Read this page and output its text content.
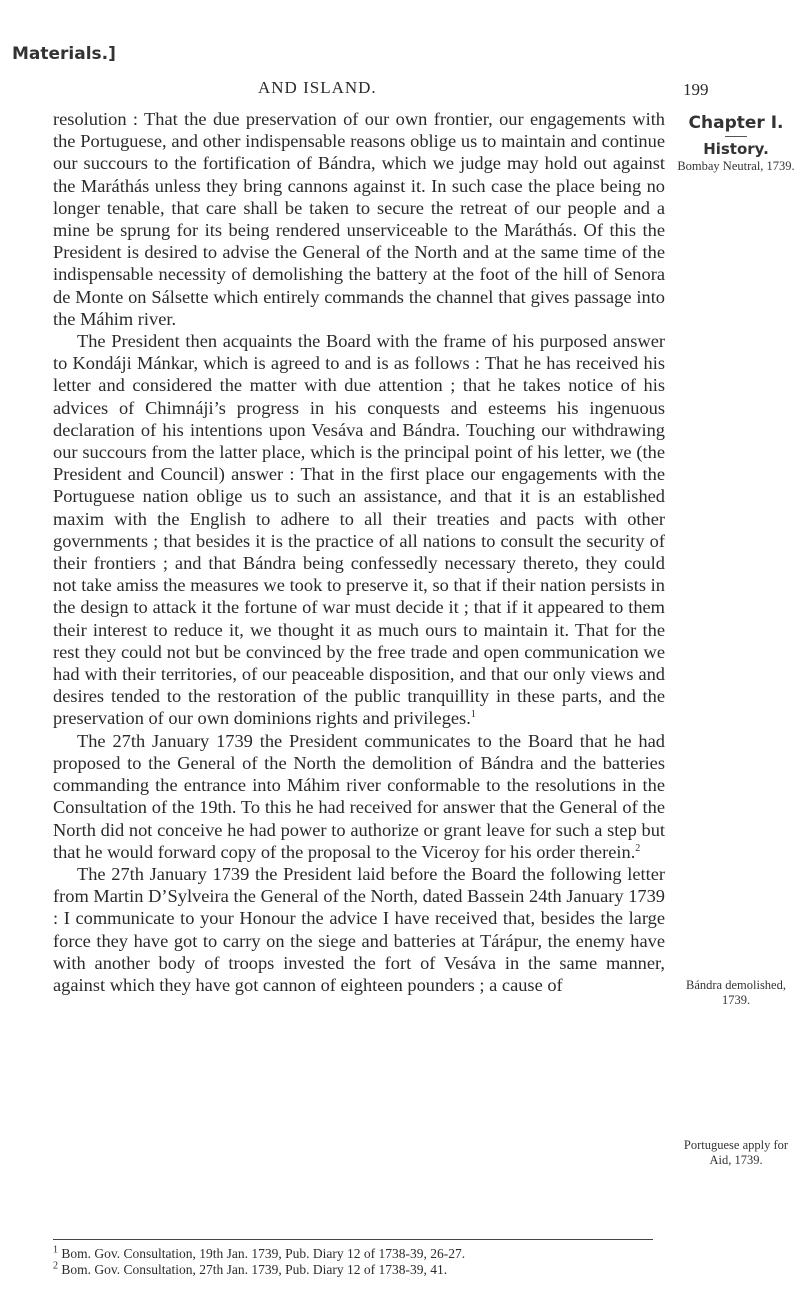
Materials.]
AND ISLAND.	199

resolution : That the due preservation of our own frontier, our engagements with the Portuguese, and other indispensable reasons oblige us to maintain and continue our succours to the fortification of Bándra, which we judge may hold out against the Maráthás unless they bring cannons against it. In such case the place being no longer tenable, that care shall be taken to secure the retreat of our people and a mine be sprung for its being rendered unserviceable to the Maráthás. Of this the President is desired to advise the General of the North and at the same time of the indispensable necessity of demolishing the battery at the foot of the hill of Senora de Monte on Sálsette which entirely commands the channel that gives passage into the Máhim river.

The President then acquaints the Board with the frame of his purposed answer to Kondáji Mánkar, which is agreed to and is as follows : That he has received his letter and considered the matter with due attention ; that he takes notice of his advices of Chimnáji’s progress in his conquests and esteems his ingenuous declaration of his intentions upon Vesáva and Bándra. Touching our withdrawing our succours from the latter place, which is the principal point of his letter, we (the President and Council) answer : That in the first place our engagements with the Portuguese nation oblige us to such an assistance, and that it is an established maxim with the English to adhere to all their treaties and pacts with other governments ; that besides it is the practice of all nations to consult the security of their frontiers ; and that Bándra being confessedly necessary thereto, they could not take amiss the measures we took to preserve it, so that if their nation persists in the design to attack it the fortune of war must decide it ; that if it appeared to them their interest to reduce it, we thought it as much ours to maintain it. That for the rest they could not but be convinced by the free trade and open communication we had with their territories, of our peaceable disposition, and that our only views and desires tended to the restoration of the public tranquillity in these parts, and the preservation of our own dominions rights and privileges.$^1$

The 27th January 1739 the President communicates to the Board that he had proposed to the General of the North the demolition of Bándra and the batteries commanding the entrance into Máhim river conformable to the resolutions in the Consultation of the 19th. To this he had received for answer that the General of the North did not conceive he had power to authorize or grant leave for such a step but that he would forward copy of the proposal to the Viceroy for his order therein.$^2$

The 27th January 1739 the President laid before the Board the following letter from Martin D’Sylveira the General of the North, dated Bassein 24th January 1739 : I communicate to your Honour the advice I have received that, besides the large force they have got to carry on the siege and batteries at Tárápur, the enemy have with another body of troops invested the fort of Vesáva in the same manner, against which they have got cannon of eighteen pounders ; a cause of

Chapter I.
History.
Bombay Neutral, 1739.
Bándra demolished, 1739.
Portuguese apply for Aid, 1739.
$^1$ Bom. Gov. Consultation, 19th Jan. 1739, Pub. Diary 12 of 1738-39, 26-27.
$^2$ Bom. Gov. Consultation, 27th Jan. 1739, Pub. Diary 12 of 1738-39, 41.
